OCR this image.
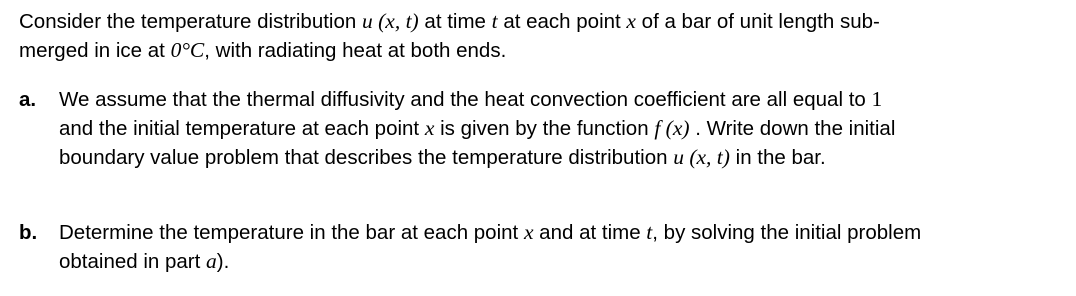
Consider the temperature distribution u (x, t) at time t at each point x of a bar of unit length sub-
merged in ice at 0°C, with radiating heat at both ends.
a. We assume that the thermal diffusivity and the heat convection coefficient are all equal to 1
and the initial temperature at each point x is given by the function f (x) . Write down the initial
boundary value problem that describes the temperature distribution u (x, t) in the bar.
b. Determine the temperature in the bar at each point x and at time t, by solving the initial problem
obtained in part a).
